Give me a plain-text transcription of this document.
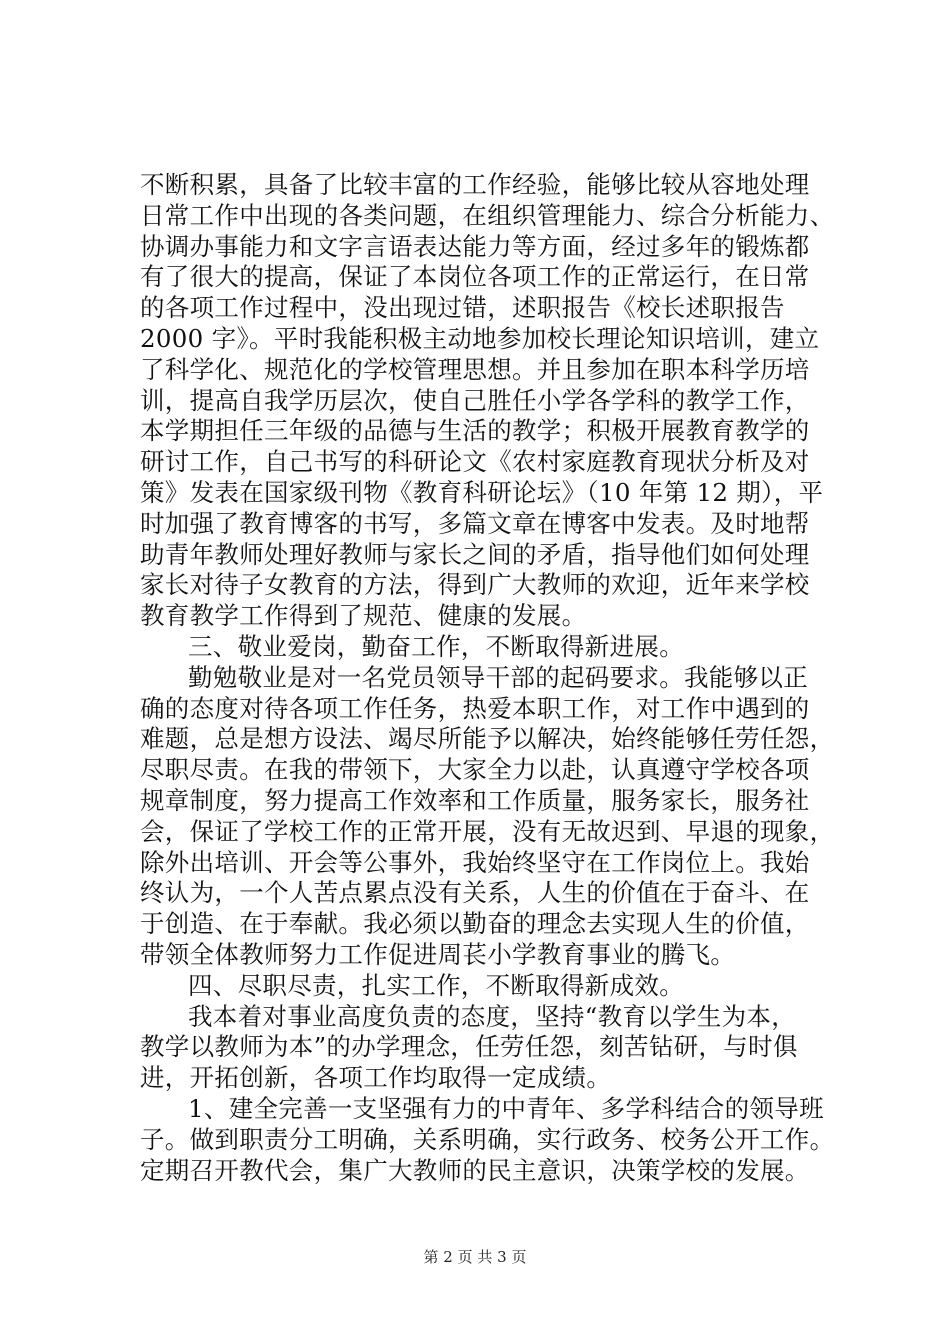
不断积累，具备了比较丰富的工作经验，能够比较从容地处理
日常工作中出现的各类问题，在组织管理能力、综合分析能力、
协调办事能力和文字言语表达能力等方面，经过多年的锻炼都
有了很大的提高，保证了本岗位各项工作的正常运行，在日常
的各项工作过程中，没出现过错，述职报告《校长述职报告
2000 字》。平时我能积极主动地参加校长理论知识培训，建立
了科学化、规范化的学校管理思想。并且参加在职本科学历培
训，提高自我学历层次，使自己胜任小学各学科的教学工作，
本学期担任三年级的品德与生活的教学；积极开展教育教学的
研讨工作，自己书写的科研论文《农村家庭教育现状分析及对
策》发表在国家级刊物《教育科研论坛》（10 年第 12 期），平
时加强了教育博客的书写，多篇文章在博客中发表。及时地帮
助青年教师处理好教师与家长之间的矛盾，指导他们如何处理
家长对待子女教育的方法，得到广大教师的欢迎，近年来学校
教育教学工作得到了规范、健康的发展。
三、敬业爱岗，勤奋工作，不断取得新进展。
勤勉敬业是对一名党员领导干部的起码要求。我能够以正
确的态度对待各项工作任务，热爱本职工作，对工作中遇到的
难题，总是想方设法、竭尽所能予以解决，始终能够任劳任怨，
尽职尽责。在我的带领下，大家全力以赴，认真遵守学校各项
规章制度，努力提高工作效率和工作质量，服务家长，服务社
会，保证了学校工作的正常开展，没有无故迟到、早退的现象，
除外出培训、开会等公事外，我始终坚守在工作岗位上。我始
终认为，一个人苦点累点没有关系，人生的价值在于奋斗、在
于创造、在于奉献。我必须以勤奋的理念去实现人生的价值，
带领全体教师努力工作促进周苌小学教育事业的腾飞。
四、尽职尽责，扎实工作，不断取得新成效。
我本着对事业高度负责的态度，坚持“教育以学生为本，
教学以教师为本”的办学理念，任劳任怨，刻苦钻研，与时俱
进，开拓创新，各项工作均取得一定成绩。
1、建全完善一支坚强有力的中青年、多学科结合的领导班
子。做到职责分工明确，关系明确，实行政务、校务公开工作。
定期召开教代会，集广大教师的民主意识，决策学校的发展。
第 2 页 共 3 页
